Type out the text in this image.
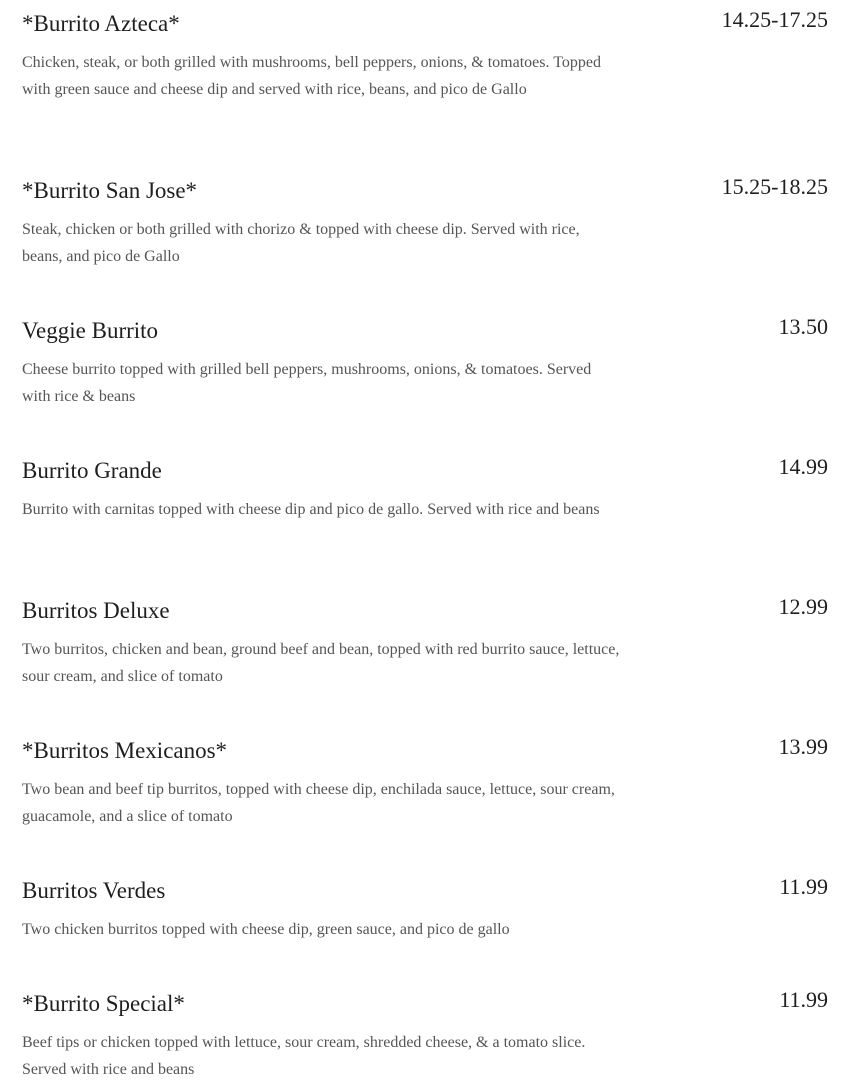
*Burrito Azteca*	14.25-17.25
Chicken, steak, or both grilled with mushrooms, bell peppers, onions, & tomatoes. Topped with green sauce and cheese dip and served with rice, beans, and pico de Gallo
*Burrito San Jose*	15.25-18.25
Steak, chicken or both grilled with chorizo & topped with cheese dip. Served with rice, beans, and pico de Gallo
Veggie Burrito	13.50
Cheese burrito topped with grilled bell peppers, mushrooms, onions, & tomatoes. Served with rice & beans
Burrito Grande	14.99
Burrito with carnitas topped with cheese dip and pico de gallo. Served with rice and beans
Burritos Deluxe	12.99
Two burritos, chicken and bean, ground beef and bean, topped with red burrito sauce, lettuce, sour cream, and slice of tomato
*Burritos Mexicanos*	13.99
Two bean and beef tip burritos, topped with cheese dip, enchilada sauce, lettuce, sour cream, guacamole, and a slice of tomato
Burritos Verdes	11.99
Two chicken burritos topped with cheese dip, green sauce, and pico de gallo
*Burrito Special*	11.99
Beef tips or chicken topped with lettuce, sour cream, shredded cheese, & a tomato slice. Served with rice and beans
